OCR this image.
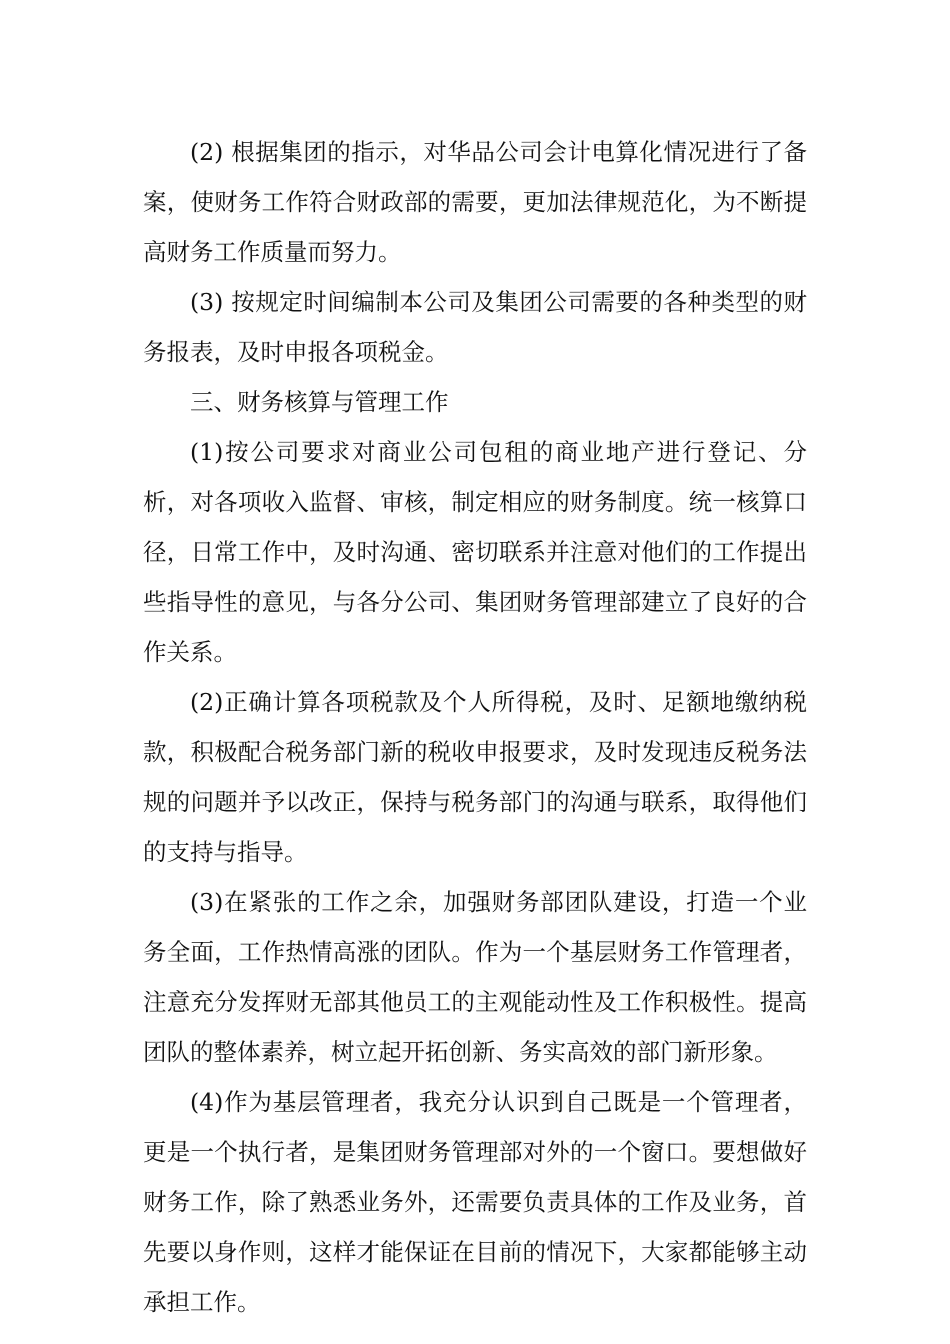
(2) 根据集团的指示，对华品公司会计电算化情况进行了备案，使财务工作符合财政部的需要，更加法律规范化，为不断提高财务工作质量而努力。

(3) 按规定时间编制本公司及集团公司需要的各种类型的财务报表，及时申报各项税金。

三、财务核算与管理工作

(1)按公司要求对商业公司包租的商业地产进行登记、分析，对各项收入监督、审核，制定相应的财务制度。统一核算口径，日常工作中，及时沟通、密切联系并注意对他们的工作提出些指导性的意见，与各分公司、集团财务管理部建立了良好的合作关系。

(2)正确计算各项税款及个人所得税，及时、足额地缴纳税款，积极配合税务部门新的税收申报要求，及时发现违反税务法规的问题并予以改正，保持与税务部门的沟通与联系，取得他们的支持与指导。

(3)在紧张的工作之余，加强财务部团队建设，打造一个业务全面，工作热情高涨的团队。作为一个基层财务工作管理者，注意充分发挥财无部其他员工的主观能动性及工作积极性。提高团队的整体素养，树立起开拓创新、务实高效的部门新形象。

(4)作为基层管理者，我充分认识到自己既是一个管理者，更是一个执行者，是集团财务管理部对外的一个窗口。要想做好财务工作，除了熟悉业务外，还需要负责具体的工作及业务，首先要以身作则，这样才能保证在目前的情况下，大家都能够主动承担工作。
